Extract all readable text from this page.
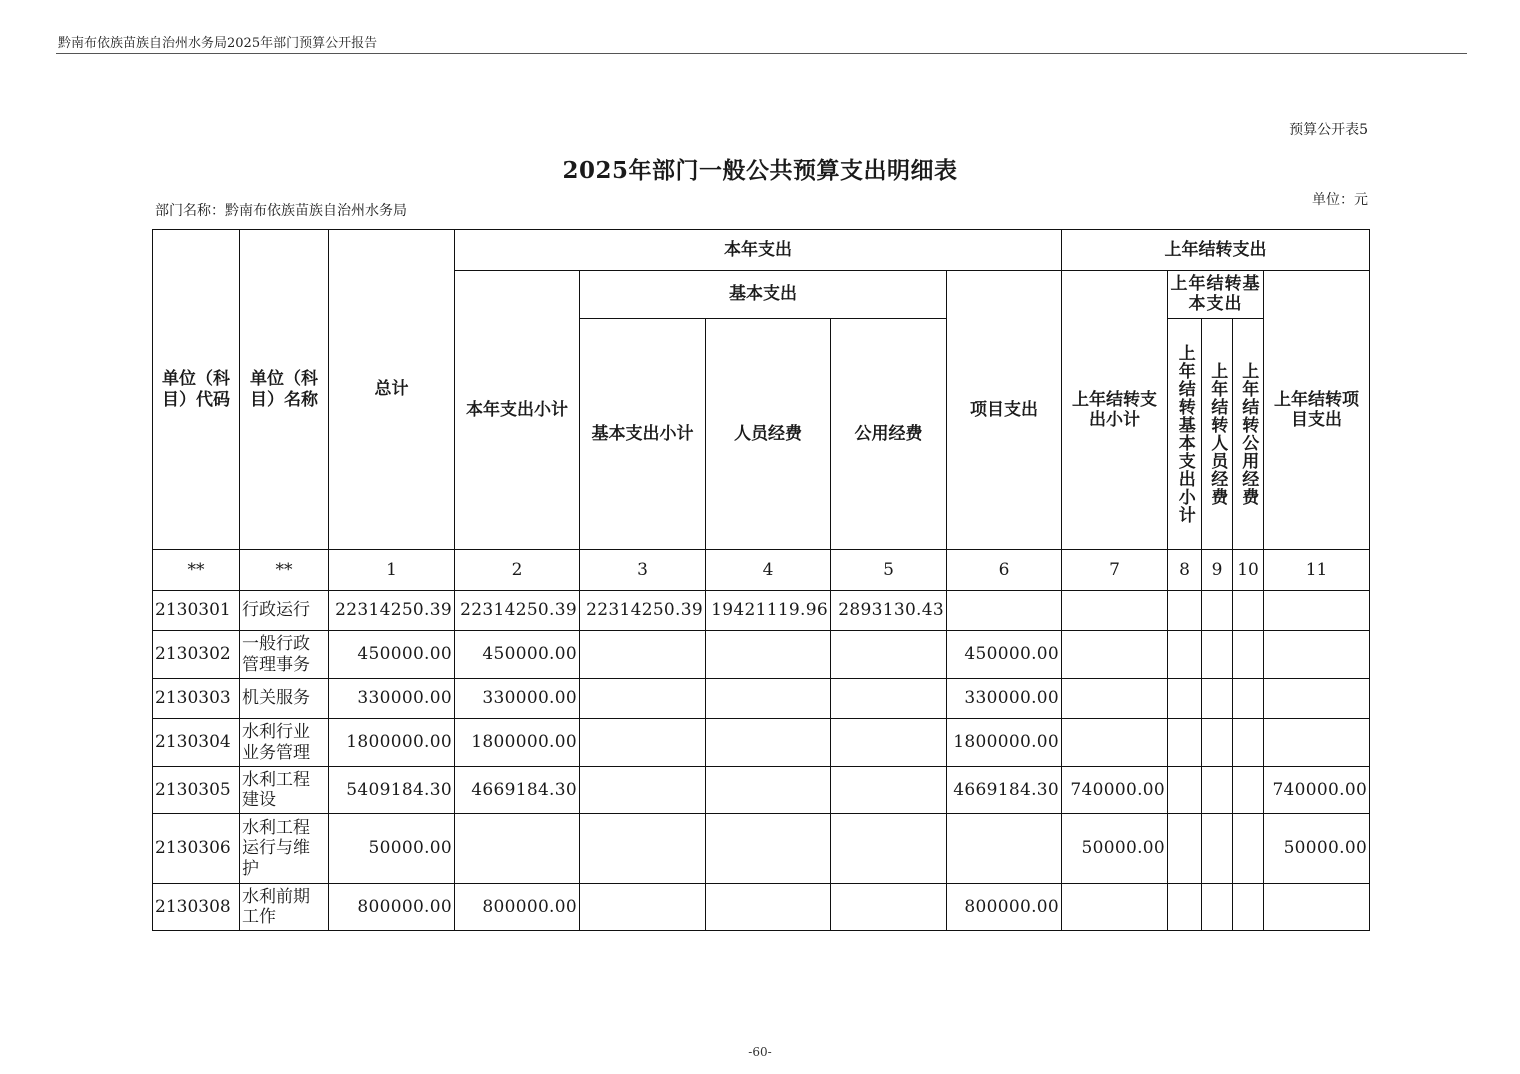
黔南布依族苗族自治州水务局2025年部门预算公开报告
预算公开表5
2025年部门一般公共预算支出明细表
单位：元
部门名称：黔南布依族苗族自治州水务局
单位（科目）代码	单位（科目）名称	总计	本年支出					上年结转支出				
			本年支出小计	基本支出			项目支出	上年结转支出小计	上年结转基本支出			上年结转项目支出
				基本支出小计	人员经费	公用经费			上年结转基本支出小计	上年结转人员经费	上年结转公用经费	
**	**	1	2	3	4	5	6	7	8	9	10	11
2130301	行政运行	22314250.39	22314250.39	22314250.39	19421119.96	2893130.43						
2130302	一般行政管理事务	450000.00	450000.00				450000.00					
2130303	机关服务	330000.00	330000.00				330000.00					
2130304	水利行业业务管理	1800000.00	1800000.00				1800000.00					
2130305	水利工程建设	5409184.30	4669184.30				4669184.30	740000.00				740000.00
2130306	水利工程运行与维护	50000.00						50000.00				50000.00
2130308	水利前期工作	800000.00	800000.00				800000.00					
-60-
